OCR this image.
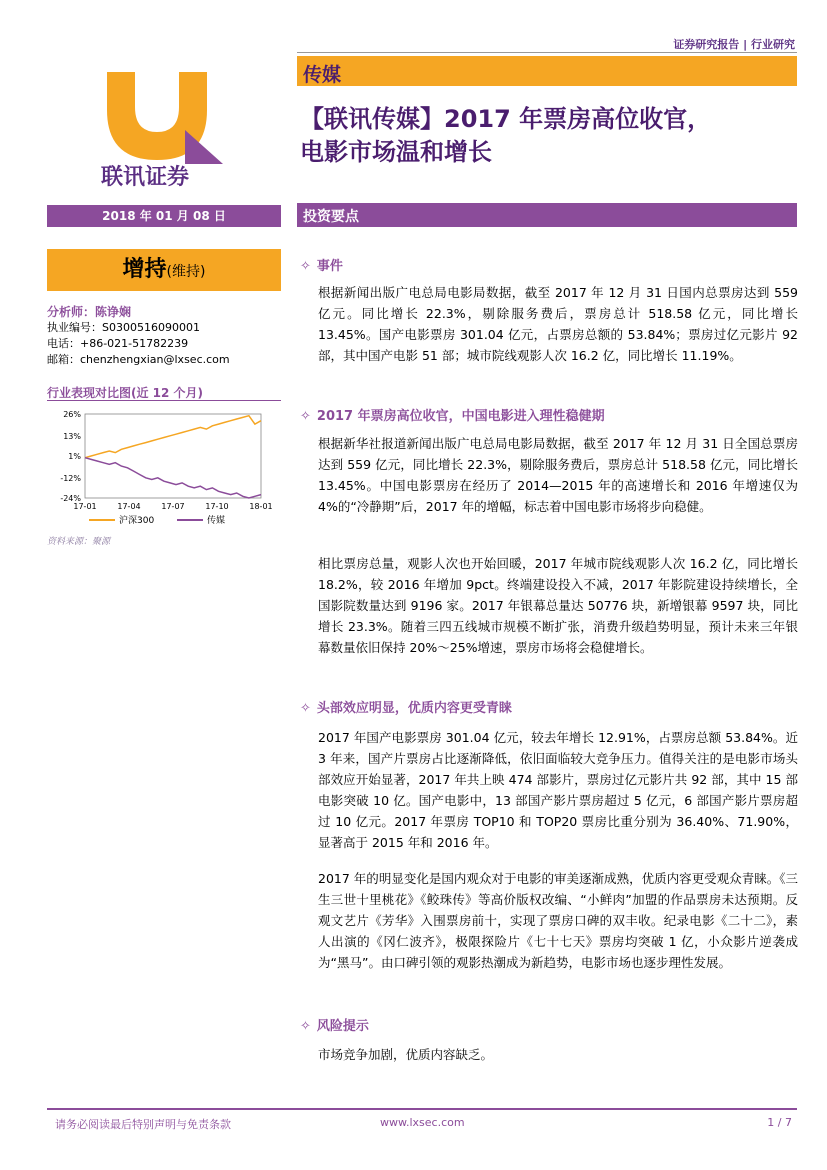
证券研究报告 | 行业研究
联讯证券
传媒
【联讯传媒】2017 年票房高位收官，
电影市场温和增长
2018 年 01 月 08 日	投资要点
增持(维持)
分析师：陈诤娴
执业编号：S0300516090001
电话：+86-021-51782239
邮箱：chenzhengxian@lxsec.com
行业表现对比图(近 12 个月)
26%
13%
1%
-12%
-24%
17-01	17-04	17-07	17-10	18-01
沪深300	传媒
资料来源：聚源
✧ 事件
根据新闻出版广电总局电影局数据，截至 2017 年 12 月 31 日国内总票房达到 559 亿元。同比增长 22.3%，剔除服务费后，票房总计 518.58 亿元，同比增长 13.45%。国产电影票房 301.04 亿元，占票房总额的 53.84%；票房过亿元影片 92 部，其中国产电影 51 部；城市院线观影人次 16.2 亿，同比增长 11.19%。
✧ 2017 年票房高位收官，中国电影进入理性稳健期
根据新华社报道新闻出版广电总局电影局数据，截至 2017 年 12 月 31 日全国总票房达到 559 亿元，同比增长 22.3%，剔除服务费后，票房总计 518.58 亿元，同比增长 13.45%。中国电影票房在经历了 2014—2015 年的高速增长和 2016 年增速仅为 4%的“冷静期”后，2017 年的增幅，标志着中国电影市场将步向稳健。
相比票房总量，观影人次也开始回暖，2017 年城市院线观影人次 16.2 亿，同比增长 18.2%，较 2016 年增加 9pct。终端建设投入不减，2017 年影院建设持续增长，全国影院数量达到 9196 家。2017 年银幕总量达 50776 块，新增银幕 9597 块，同比增长 23.3%。随着三四五线城市规模不断扩张，消费升级趋势明显，预计未来三年银幕数量依旧保持 20%～25%增速，票房市场将会稳健增长。
✧ 头部效应明显，优质内容更受青睐
2017 年国产电影票房 301.04 亿元，较去年增长 12.91%，占票房总额 53.84%。近 3 年来，国产片票房占比逐渐降低，依旧面临较大竞争压力。值得关注的是电影市场头部效应开始显著，2017 年共上映 474 部影片，票房过亿元影片共 92 部，其中 15 部电影突破 10 亿。国产电影中，13 部国产影片票房超过 5 亿元，6 部国产影片票房超过 10 亿元。2017 年票房 TOP10 和 TOP20 票房比重分别为 36.40%、71.90%，显著高于 2015 年和 2016 年。
2017 年的明显变化是国内观众对于电影的审美逐渐成熟，优质内容更受观众青睐。《三生三世十里桃花》《鲛珠传》等高价版权改编、“小鲜肉”加盟的作品票房未达预期。反观文艺片《芳华》入围票房前十，实现了票房口碑的双丰收。纪录电影《二十二》，素人出演的《冈仁波齐》，极限探险片《七十七天》票房均突破 1 亿，小众影片逆袭成为“黑马”。由口碑引领的观影热潮成为新趋势，电影市场也逐步理性发展。
✧ 风险提示
市场竞争加剧，优质内容缺乏。
请务必阅读最后特别声明与免责条款	www.lxsec.com	1 / 7
